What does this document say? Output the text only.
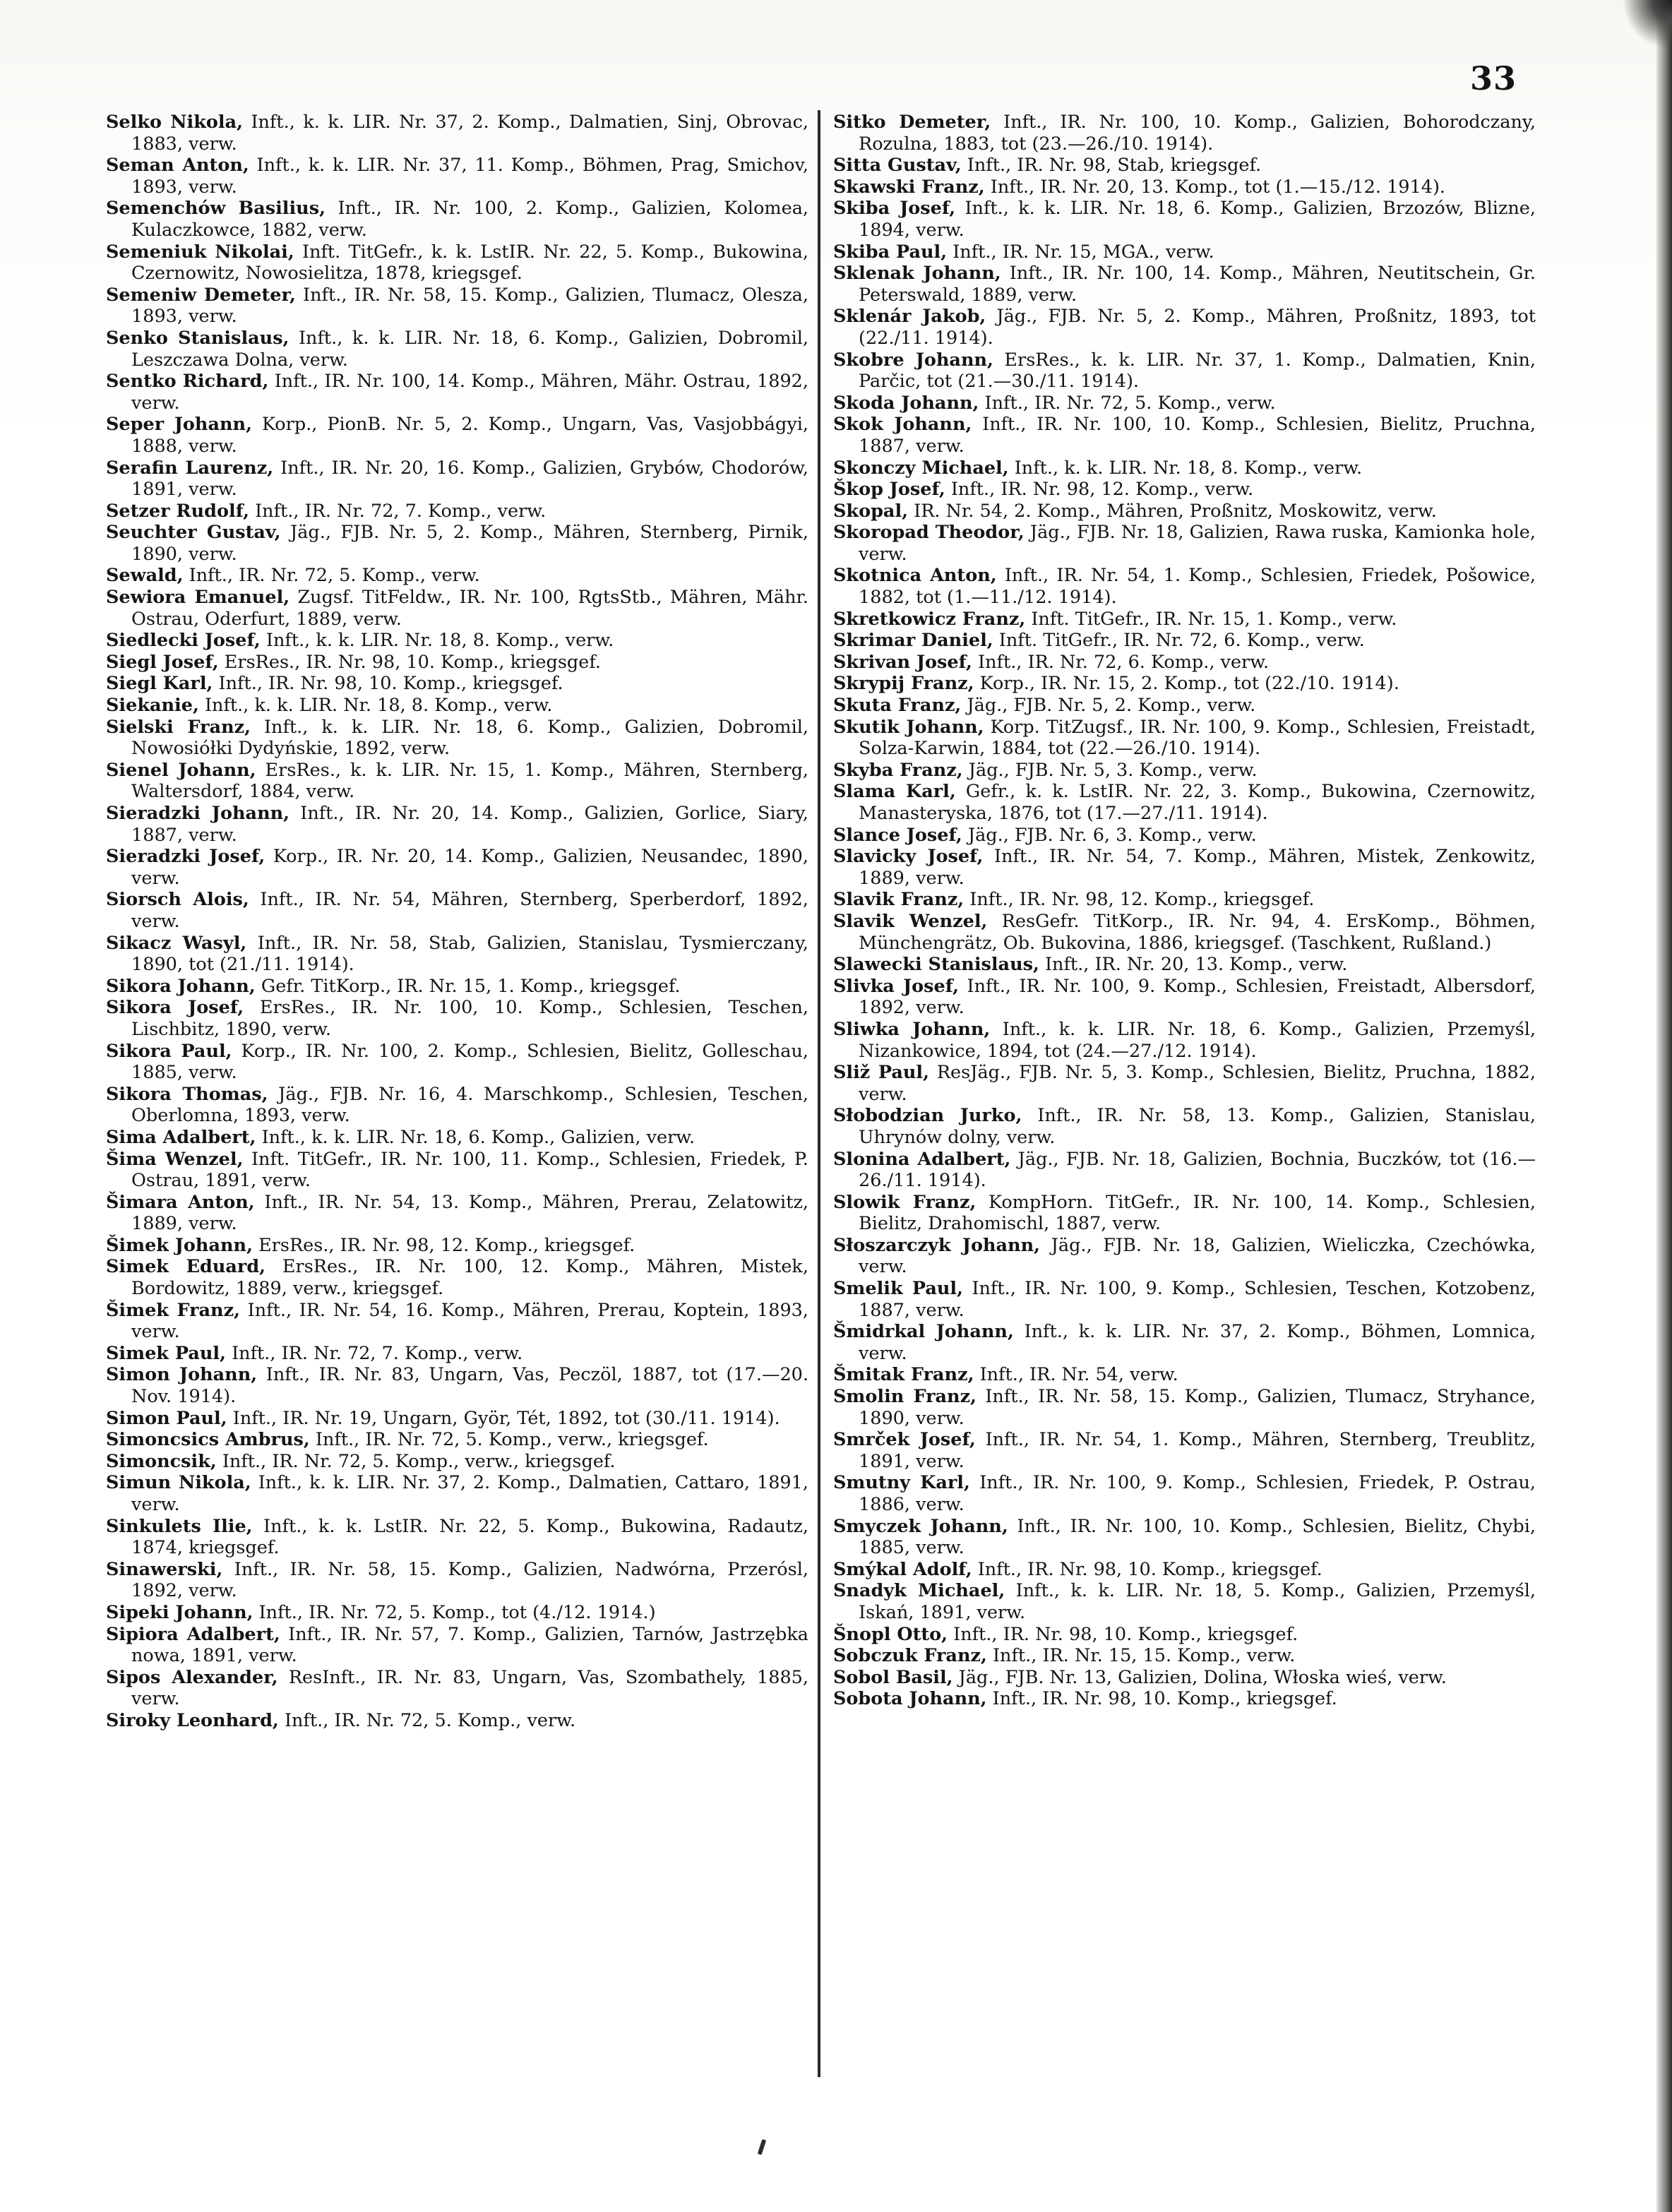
33
Selko Nikola, Inft., k. k. LIR. Nr. 37, 2. Komp., Dalmatien, Sinj, Obrovac, 1883, verw.
Seman Anton, Inft., k. k. LIR. Nr. 37, 11. Komp., Böhmen, Prag, Smichov, 1893, verw.
Semenchów Basilius, Inft., IR. Nr. 100, 2. Komp., Galizien, Kolomea, Kulaczkowce, 1882, verw.
Semeniuk Nikolai, Inft. TitGefr., k. k. LstIR. Nr. 22, 5. Komp., Bukowina, Czernowitz, Nowosielitza, 1878, kriegsgef.
Semeniw Demeter, Inft., IR. Nr. 58, 15. Komp., Galizien, Tlumacz, Olesza, 1893, verw.
Senko Stanislaus, Inft., k. k. LIR. Nr. 18, 6. Komp., Galizien, Dobromil, Leszczawa Dolna, verw.
Sentko Richard, Inft., IR. Nr. 100, 14. Komp., Mähren, Mähr. Ostrau, 1892, verw.
Seper Johann, Korp., PionB. Nr. 5, 2. Komp., Ungarn, Vas, Vasjobbágyi, 1888, verw.
Serafin Laurenz, Inft., IR. Nr. 20, 16. Komp., Galizien, Grybów, Chodorów, 1891, verw.
Setzer Rudolf, Inft., IR. Nr. 72, 7. Komp., verw.
Seuchter Gustav, Jäg., FJB. Nr. 5, 2. Komp., Mähren, Sternberg, Pirnik, 1890, verw.
Sewald, Inft., IR. Nr. 72, 5. Komp., verw.
Sewiora Emanuel, Zugsf. TitFeldw., IR. Nr. 100, RgtsStb., Mähren, Mähr. Ostrau, Oderfurt, 1889, verw.
Siedlecki Josef, Inft., k. k. LIR. Nr. 18, 8. Komp., verw.
Siegl Josef, ErsRes., IR. Nr. 98, 10. Komp., kriegsgef.
Siegl Karl, Inft., IR. Nr. 98, 10. Komp., kriegsgef.
Siekanie, Inft., k. k. LIR. Nr. 18, 8. Komp., verw.
Sielski Franz, Inft., k. k. LIR. Nr. 18, 6. Komp., Galizien, Dobromil, Nowosiółki Dydyńskie, 1892, verw.
Sienel Johann, ErsRes., k. k. LIR. Nr. 15, 1. Komp., Mähren, Sternberg, Waltersdorf, 1884, verw.
Sieradzki Johann, Inft., IR. Nr. 20, 14. Komp., Galizien, Gorlice, Siary, 1887, verw.
Sieradzki Josef, Korp., IR. Nr. 20, 14. Komp., Galizien, Neusandec, 1890, verw.
Siorsch Alois, Inft., IR. Nr. 54, Mähren, Sternberg, Sperberdorf, 1892, verw.
Sikacz Wasyl, Inft., IR. Nr. 58, Stab, Galizien, Stanislau, Tysmierczany, 1890, tot (21./11. 1914).
Sikora Johann, Gefr. TitKorp., IR. Nr. 15, 1. Komp., kriegsgef.
Sikora Josef, ErsRes., IR. Nr. 100, 10. Komp., Schlesien, Teschen, Lischbitz, 1890, verw.
Sikora Paul, Korp., IR. Nr. 100, 2. Komp., Schlesien, Bielitz, Golleschau, 1885, verw.
Sikora Thomas, Jäg., FJB. Nr. 16, 4. Marschkomp., Schlesien, Teschen, Oberlomna, 1893, verw.
Sima Adalbert, Inft., k. k. LIR. Nr. 18, 6. Komp., Galizien, verw.
Šima Wenzel, Inft. TitGefr., IR. Nr. 100, 11. Komp., Schlesien, Friedek, P. Ostrau, 1891, verw.
Šimara Anton, Inft., IR. Nr. 54, 13. Komp., Mähren, Prerau, Zelatowitz, 1889, verw.
Šimek Johann, ErsRes., IR. Nr. 98, 12. Komp., kriegsgef.
Simek Eduard, ErsRes., IR. Nr. 100, 12. Komp., Mähren, Mistek, Bordowitz, 1889, verw., kriegsgef.
Šimek Franz, Inft., IR. Nr. 54, 16. Komp., Mähren, Prerau, Koptein, 1893, verw.
Simek Paul, Inft., IR. Nr. 72, 7. Komp., verw.
Simon Johann, Inft., IR. Nr. 83, Ungarn, Vas, Peczöl, 1887, tot (17.—20. Nov. 1914).
Simon Paul, Inft., IR. Nr. 19, Ungarn, Györ, Tét, 1892, tot (30./11. 1914).
Simoncsics Ambrus, Inft., IR. Nr. 72, 5. Komp., verw., kriegsgef.
Simoncsik, Inft., IR. Nr. 72, 5. Komp., verw., kriegsgef.
Simun Nikola, Inft., k. k. LIR. Nr. 37, 2. Komp., Dalmatien, Cattaro, 1891, verw.
Sinkulets Ilie, Inft., k. k. LstIR. Nr. 22, 5. Komp., Bukowina, Radautz, 1874, kriegsgef.
Sinawerski, Inft., IR. Nr. 58, 15. Komp., Galizien, Nadwórna, Przerósl, 1892, verw.
Sipeki Johann, Inft., IR. Nr. 72, 5. Komp., tot (4./12. 1914.)
Sipiora Adalbert, Inft., IR. Nr. 57, 7. Komp., Galizien, Tarnów, Jastrzębka nowa, 1891, verw.
Sipos Alexander, ResInft., IR. Nr. 83, Ungarn, Vas, Szombathely, 1885, verw.
Siroky Leonhard, Inft., IR. Nr. 72, 5. Komp., verw.
Sitko Demeter, Inft., IR. Nr. 100, 10. Komp., Galizien, Bohorodczany, Rozulna, 1883, tot (23.—26./10. 1914).
Sitta Gustav, Inft., IR. Nr. 98, Stab, kriegsgef.
Skawski Franz, Inft., IR. Nr. 20, 13. Komp., tot (1.—15./12. 1914).
Skiba Josef, Inft., k. k. LIR. Nr. 18, 6. Komp., Galizien, Brzozów, Blizne, 1894, verw.
Skiba Paul, Inft., IR. Nr. 15, MGA., verw.
Sklenak Johann, Inft., IR. Nr. 100, 14. Komp., Mähren, Neutitschein, Gr. Peterswald, 1889, verw.
Sklenár Jakob, Jäg., FJB. Nr. 5, 2. Komp., Mähren, Proßnitz, 1893, tot (22./11. 1914).
Skobre Johann, ErsRes., k. k. LIR. Nr. 37, 1. Komp., Dalmatien, Knin, Parčic, tot (21.—30./11. 1914).
Skoda Johann, Inft., IR. Nr. 72, 5. Komp., verw.
Skok Johann, Inft., IR. Nr. 100, 10. Komp., Schlesien, Bielitz, Pruchna, 1887, verw.
Skonczy Michael, Inft., k. k. LIR. Nr. 18, 8. Komp., verw.
Škop Josef, Inft., IR. Nr. 98, 12. Komp., verw.
Skopal, IR. Nr. 54, 2. Komp., Mähren, Proßnitz, Moskowitz, verw.
Skoropad Theodor, Jäg., FJB. Nr. 18, Galizien, Rawa ruska, Kamionka hole, verw.
Skotnica Anton, Inft., IR. Nr. 54, 1. Komp., Schlesien, Friedek, Pošowice, 1882, tot (1.—11./12. 1914).
Skretkowicz Franz, Inft. TitGefr., IR. Nr. 15, 1. Komp., verw.
Skrimar Daniel, Inft. TitGefr., IR. Nr. 72, 6. Komp., verw.
Skrivan Josef, Inft., IR. Nr. 72, 6. Komp., verw.
Skrypij Franz, Korp., IR. Nr. 15, 2. Komp., tot (22./10. 1914).
Skuta Franz, Jäg., FJB. Nr. 5, 2. Komp., verw.
Skutik Johann, Korp. TitZugsf., IR. Nr. 100, 9. Komp., Schlesien, Freistadt, Solza-Karwin, 1884, tot (22.—26./10. 1914).
Skyba Franz, Jäg., FJB. Nr. 5, 3. Komp., verw.
Slama Karl, Gefr., k. k. LstIR. Nr. 22, 3. Komp., Bukowina, Czernowitz, Manasteryska, 1876, tot (17.—27./11. 1914).
Slance Josef, Jäg., FJB. Nr. 6, 3. Komp., verw.
Slavicky Josef, Inft., IR. Nr. 54, 7. Komp., Mähren, Mistek, Zenkowitz, 1889, verw.
Slavik Franz, Inft., IR. Nr. 98, 12. Komp., kriegsgef.
Slavik Wenzel, ResGefr. TitKorp., IR. Nr. 94, 4. ErsKomp., Böhmen, Münchengrätz, Ob. Bukovina, 1886, kriegsgef. (Taschkent, Rußland.)
Slawecki Stanislaus, Inft., IR. Nr. 20, 13. Komp., verw.
Slivka Josef, Inft., IR. Nr. 100, 9. Komp., Schlesien, Freistadt, Albersdorf, 1892, verw.
Sliwka Johann, Inft., k. k. LIR. Nr. 18, 6. Komp., Galizien, Przemyśl, Nizankowice, 1894, tot (24.—27./12. 1914).
Sliž Paul, ResJäg., FJB. Nr. 5, 3. Komp., Schlesien, Bielitz, Pruchna, 1882, verw.
Słobodzian Jurko, Inft., IR. Nr. 58, 13. Komp., Galizien, Stanislau, Uhrynów dolny, verw.
Slonina Adalbert, Jäg., FJB. Nr. 18, Galizien, Bochnia, Buczków, tot (16.—26./11. 1914).
Slowik Franz, KompHorn. TitGefr., IR. Nr. 100, 14. Komp., Schlesien, Bielitz, Drahomischl, 1887, verw.
Słoszarczyk Johann, Jäg., FJB. Nr. 18, Galizien, Wieliczka, Czechówka, verw.
Smelik Paul, Inft., IR. Nr. 100, 9. Komp., Schlesien, Teschen, Kotzobenz, 1887, verw.
Šmidrkal Johann, Inft., k. k. LIR. Nr. 37, 2. Komp., Böhmen, Lomnica, verw.
Šmitak Franz, Inft., IR. Nr. 54, verw.
Smolin Franz, Inft., IR. Nr. 58, 15. Komp., Galizien, Tlumacz, Stryhance, 1890, verw.
Smrček Josef, Inft., IR. Nr. 54, 1. Komp., Mähren, Sternberg, Treublitz, 1891, verw.
Smutny Karl, Inft., IR. Nr. 100, 9. Komp., Schlesien, Friedek, P. Ostrau, 1886, verw.
Smyczek Johann, Inft., IR. Nr. 100, 10. Komp., Schlesien, Bielitz, Chybi, 1885, verw.
Smýkal Adolf, Inft., IR. Nr. 98, 10. Komp., kriegsgef.
Snadyk Michael, Inft., k. k. LIR. Nr. 18, 5. Komp., Galizien, Przemyśl, Iskań, 1891, verw.
Šnopl Otto, Inft., IR. Nr. 98, 10. Komp., kriegsgef.
Sobczuk Franz, Inft., IR. Nr. 15, 15. Komp., verw.
Sobol Basil, Jäg., FJB. Nr. 13, Galizien, Dolina, Włoska wieś, verw.
Sobota Johann, Inft., IR. Nr. 98, 10. Komp., kriegsgef.
